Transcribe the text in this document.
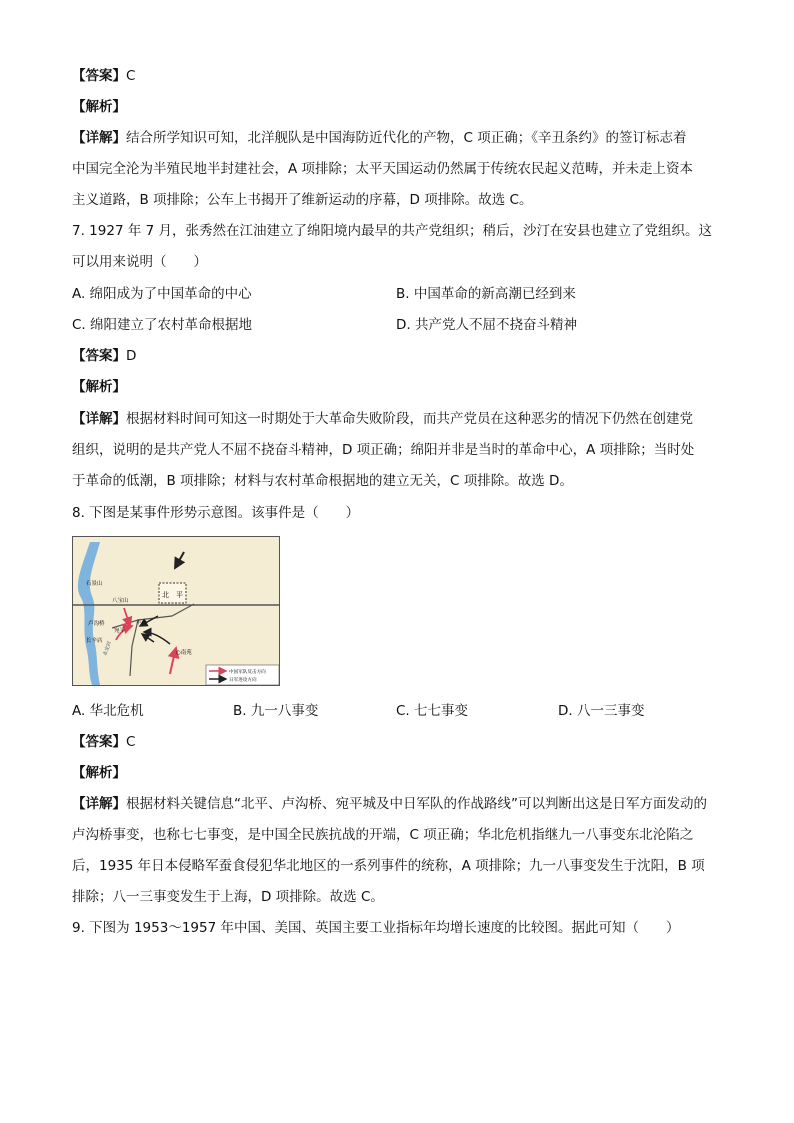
【答案】C
【解析】
【详解】结合所学知识可知，北洋舰队是中国海防近代化的产物，C 项正确；《辛丑条约》的签订标志着
中国完全沦为半殖民地半封建社会，A 项排除；太平天国运动仍然属于传统农民起义范畴，并未走上资本
主义道路，B 项排除；公车上书揭开了维新运动的序幕，D 项排除。故选 C。
7. 1927 年 7 月，张秀然在江油建立了绵阳境内最早的共产党组织；稍后，沙汀在安县也建立了党组织。这
可以用来说明（　　）
A. 绵阳成为了中国革命的中心	B. 中国革命的新高潮已经到来
C. 绵阳建立了农村革命根据地	D. 共产党人不屈不挠奋斗精神
【答案】D
【解析】
【详解】根据材料时间可知这一时期处于大革命失败阶段，而共产党员在这种恶劣的情况下仍然在创建党
组织，说明的是共产党人不屈不挠奋斗精神，D 项正确；绵阳并非是当时的革命中心，A 项排除；当时处
于革命的低潮，B 项排除；材料与农村革命根据地的建立无关，C 项排除。故选 D。
8. 下图是某事件形势示意图。该事件是（　　）
北　平
石景山
八宝山
卢沟桥
宛平
丰台
长辛店 永定河	○南苑
中国军队反击方向
日军进攻方向
A. 华北危机	B. 九一八事变	C. 七七事变	D. 八一三事变
【答案】C
【解析】
【详解】根据材料关键信息“北平、卢沟桥、宛平城及中日军队的作战路线”可以判断出这是日军方面发动的
卢沟桥事变，也称七七事变，是中国全民族抗战的开端，C 项正确；华北危机指继九一八事变东北沦陷之
后，1935 年日本侵略军蚕食侵犯华北地区的一系列事件的统称，A 项排除；九一八事变发生于沈阳，B 项
排除；八一三事变发生于上海，D 项排除。故选 C。
9. 下图为 1953～1957 年中国、美国、英国主要工业指标年均增长速度的比较图。据此可知（　　）
